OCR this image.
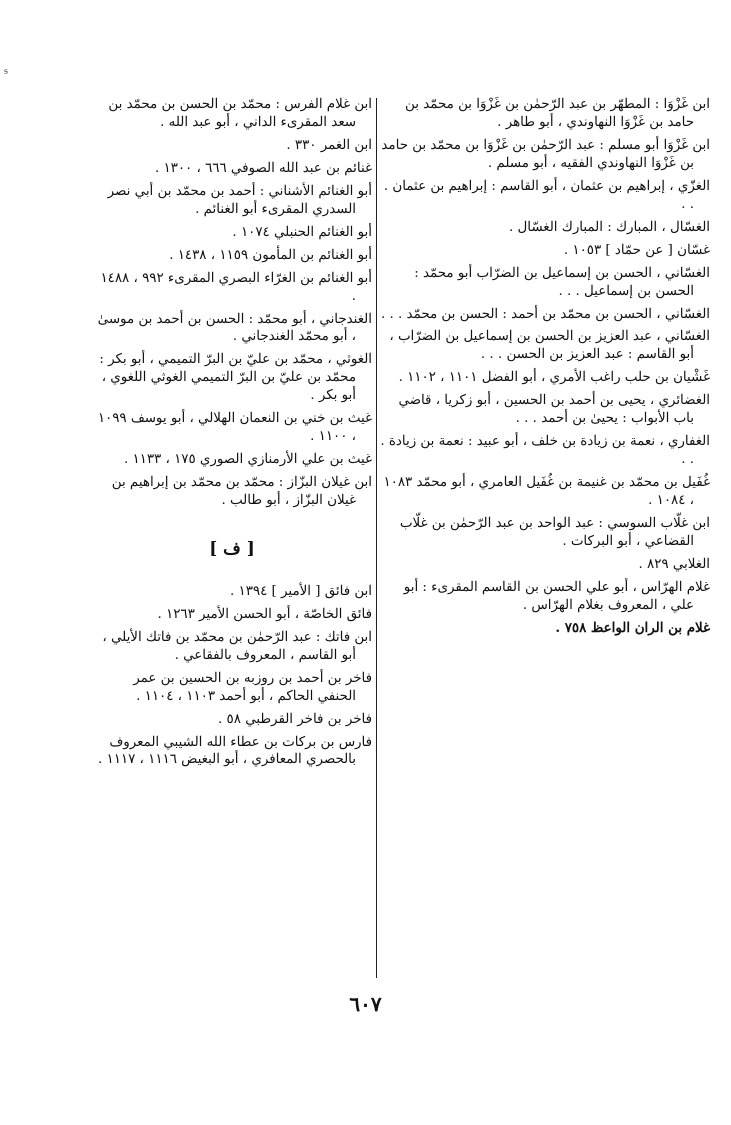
ᵴ

ابن غَزْوَا : المطهّر بن عبد الرّحمٰن بن غَزْوَا بن محمّد بن حامد بن غَزْوَا النهاوندي ، أبو طاهر .

ابن غَزْوَا أبو مسلم : عبد الرّحمٰن بن غَزْوَا بن محمّد بن حامد بن غَزْوَا النهاوندي الفقيه ، أبو مسلم .

الغزّي ، إبراهيم بن عثمان ، أبو القاسم : إبراهيم بن عثمان . . .

الغسّال ، المبارك : المبارك الغسّال .

غسّان [ عن حمّاد ] ١٠٥٣ .

الغسّاني ، الحسن بن إسماعيل بن الضرّاب أبو محمّد : الحسن بن إسماعيل . . .

الغسّاني ، الحسن بن محمّد بن أحمد : الحسن بن محمّد . . .

الغسّاني ، عبد العزيز بن الحسن بن إسماعيل بن الضرّاب ، أبو القاسم : عبد العزيز بن الحسن . . .

غَشْيان بن حلب راغب الأمري ، أبو الفضل ١١٠١ ، ١١٠٢ .

الغضائري ، يحيى بن أحمد بن الحسين ، أبو زكريا ، قاضي باب الأبواب : يحيىٰ بن أحمد . . .

الغفاري ، نعمة بن زيادة بن خلف ، أبو عبيد : نعمة بن زيادة . . .

غُفَيل بن محمّد بن غنيمة بن غُفَيل العامري ، أبو محمّد ١٠٨٣ ، ١٠٨٤ .

ابن غلّاب السوسي : عبد الواحد بن عبد الرّحمٰن بن غلّاب القضاعي ، أبو البركات .

الغلابي ٨٢٩ .

غلام الهرّاس ، أبو علي الحسن بن القاسم المقرىء : أبو علي ، المعروف بغلام الهرّاس .

غلام بن الران الواعظ ٧٥٨ .

ابن غلام الفرس : محمّد بن الحسن بن محمّد بن سعد المقرىء الداني ، أبو عبد الله .

ابن الغمر ٣٣٠ .

غنائم بن عبد الله الصوفي ٦٦٦ ، ١٣٠٠ .

أبو الغنائم الأشناني : أحمد بن محمّد بن أبي نصر السدري المقرىء أبو الغنائم .

أبو الغنائم الحنبلي ١٠٧٤ .

أبو الغنائم بن المأمون ١١٥٩ ، ١٤٣٨ .

أبو الغنائم بن الغرّاء البصري المقرىء ٩٩٢ ، ١٤٨٨ .

الغندجاني ، أبو محمّد : الحسن بن أحمد بن موسىٰ ، أبو محمّد الغندجاني .

الغوثي ، محمّد بن عليّ بن البرّ التميمي ، أبو بكر : محمّد بن عليّ بن البرّ التميمي الغوثي اللغوي ، أبو بكر .

غيث بن خني بن النعمان الهلالي ، أبو يوسف ١٠٩٩ ، ١١٠٠ .

غيث بن علي الأرمنازي الصوري ١٧٥ ، ١١٣٣ .

ابن غيلان البزّاز : محمّد بن محمّد بن إبراهيم بن غيلان البزّاز ، أبو طالب .

[ ف ]

ابن فائق [ الأمير ] ١٣٩٤ .

فائق الخاصّة ، أبو الحسن الأمير ١٢٦٣ .

ابن فاتك : عبد الرّحمٰن بن محمّد بن فاتك الأيلي ، أبو القاسم ، المعروف بالفقاعي .

فاخر بن أحمد بن روزبه بن الحسين بن عمر الحنفي الحاكم ، أبو أحمد ١١٠٣ ، ١١٠٤ .

فاخر بن فاخر القرطبي ٥٨ .

فارس بن بركات بن عطاء الله الشيبي المعروف بالحصري المعافري ، أبو البغيض ١١١٦ ، ١١١٧ .

٦٠٧
